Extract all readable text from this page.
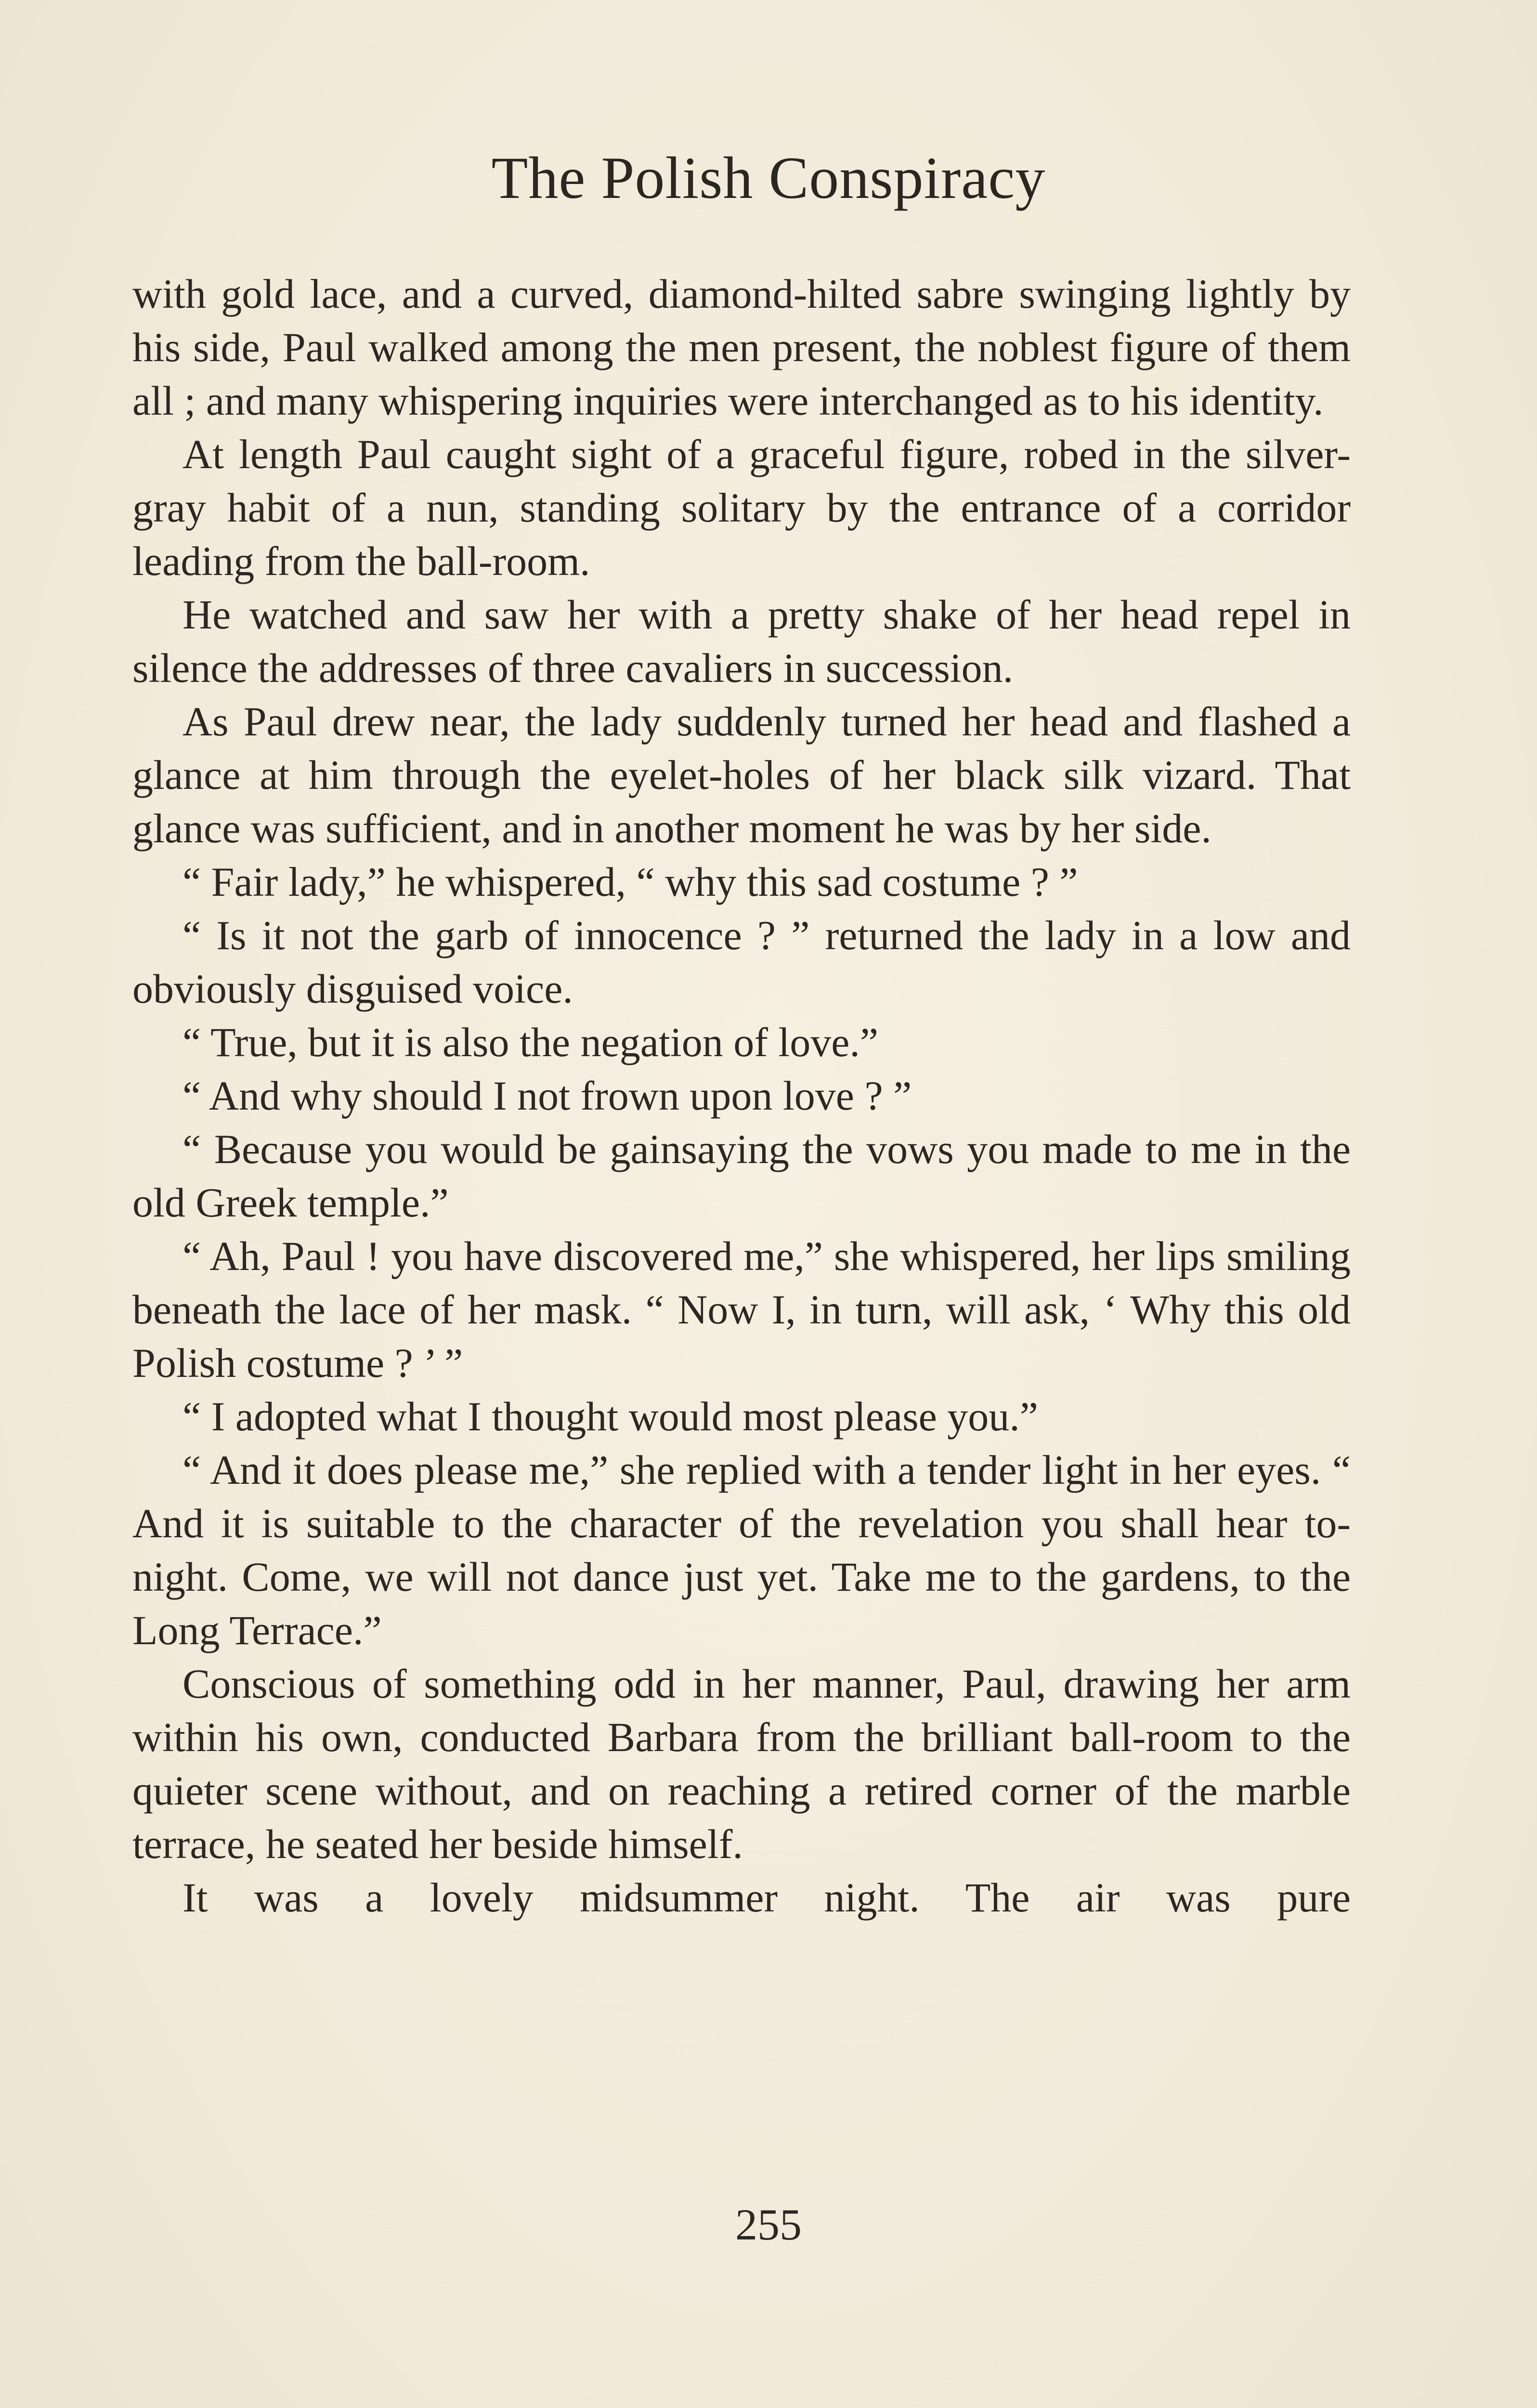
The Polish Conspiracy

with gold lace, and a curved, diamond-hilted sabre swinging lightly by his side, Paul walked among the men present, the noblest figure of them all ; and many whispering inquiries were interchanged as to his identity.

At length Paul caught sight of a graceful figure, robed in the silver-gray habit of a nun, standing solitary by the entrance of a corridor leading from the ball-room.

He watched and saw her with a pretty shake of her head repel in silence the addresses of three cavaliers in succession.

As Paul drew near, the lady suddenly turned her head and flashed a glance at him through the eyelet-holes of her black silk vizard. That glance was sufficient, and in another moment he was by her side.

“ Fair lady,” he whispered, “ why this sad costume ? ”

“ Is it not the garb of innocence ? ” returned the lady in a low and obviously disguised voice.

“ True, but it is also the negation of love.”

“ And why should I not frown upon love ? ”

“ Because you would be gainsaying the vows you made to me in the old Greek temple.”

“ Ah, Paul ! you have discovered me,” she whispered, her lips smiling beneath the lace of her mask. “ Now I, in turn, will ask, ‘ Why this old Polish costume ? ’ ”

“ I adopted what I thought would most please you.”

“ And it does please me,” she replied with a tender light in her eyes. “ And it is suitable to the character of the revelation you shall hear to-night. Come, we will not dance just yet. Take me to the gardens, to the Long Terrace.”

Conscious of something odd in her manner, Paul, drawing her arm within his own, conducted Barbara from the brilliant ball-room to the quieter scene without, and on reaching a retired corner of the marble terrace, he seated her beside himself.

It was a lovely midsummer night. The air was pure

255
